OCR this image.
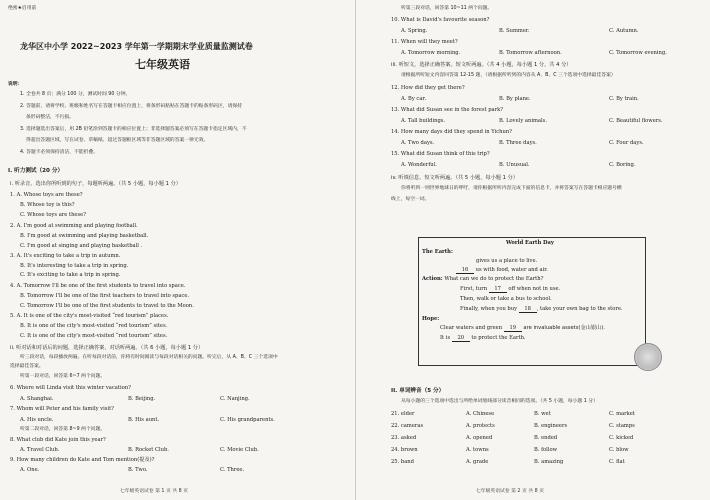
绝密★启用前
龙华区中小学 2022~2023 学年第一学期期末学业质量监测试卷
七年级英语
说明：
1. 全卷共 8 页；满分 100 分，测试时间 90 分钟。
2. 答题前，请将学校、班级和姓名写在答题卡相应位置上，将条形码粘贴在答题卡的贴条形码区，请保持
条形码整洁，不污损。
3. 选择题选出答案后，用 2B 铅笔涂到答题卡的相应位置上；非选择题答案必须写在答题卡指定区域内，不
得超出答题区域。写在试卷、草稿纸、超过答题框区域等非答题区域的答案一律无效。
4. 答题卡必须保持清洁，不能折叠。
I. 听力测试（20 分）
i. 听录音，选出你所听到的句子，每题听两遍。（共 5 小题，每小题 1 分）
1. A. Whose toys are these?
B. Whose toy is this?
C. Whose toys are these?
2. A. I'm good at swimming and playing football.
B. I'm good at swimming and playing basketball.
C. I'm good at singing and playing basketball .
3. A. It's exciting to take a trip in autumn.
B. It's interesting to take a trip in spring.
C. It's exciting to take a trip in spring.
4. A. Tomorrow I'll be one of the first students to travel into space.
B. Tomorrow I'll be one of the first teachers to travel into space.
C. Tomorrow I'll be one of the first students to travel to the Moon.
5. A. It is one of the city's most-visited “red tourism” places.
B. It is one of the city's most-visited “red tourism” sites.
C. It is one of the city's most-visited “red tourism” sites.
ii. 听对话和对话后的问题，选择正确答案，对话听两遍。（共 6 小题，每小题 1 分）
听三段对话，每段播放两遍。在听每段对话前，你将有时间阅读与每段对话相关的问题。听完后，从 A、B、C 三个选项中
选择最佳答案。
听第一段对话，回答第 6~7 两个问题。
6. Where will Linda visit this winter vacation?
A. Shanghai.	B. Beijing.	C. Nanjing.
7. Whom will Peter and his family visit?
A. His uncle.	B. His aunt.	C. His grandparents.
听第二段对话，回答第 8~9 两个问题。
8. What club did Kate join this year?
A. Travel Club.	B. Rocket Club.	C. Movie Club.
9. How many children do Kate and Tom mention(提及)?
A. One.	B. Two.	C. Three.
七年级英语试卷 第 1 页 共 8 页
听第三段对话，回答第 10~11 两个问题。
10. What is David's favourite season?
A. Spring.	B. Summer.	C. Autumn.
11. When will they meet?
A. Tomorrow morning.	B. Tomorrow afternoon.	C. Tomorrow evening.
iii. 听短文，选择正确答案。短文听两遍。（共 4 小题，每小题 1 分，共 4 分）
请根据所听短文内容回答第 12-15 题，（请根据所听到的内容从 A、B、C 三个选项中选择最佳答案）
12. How did they get there?
A. By car.	B. By plane.	C. By train.
13. What did Susan see in the forest park?
A. Tall buildings.	B. Lovely animals.	C. Beautiful flowers.
14. How many days did they spend in Yichun?
A. Two days.	B. Three days.	C. Four days.
15. What did Susan think of this trip?
A. Wonderful.	B. Unusual.	C. Boring.
iv. 听填信息，短文听两遍。（共 5 小题，每小题 1 分）
你将听到一则世界地球日的呼吁，请你根据所听内容完成下面的信息卡，并将答案写在答题卡相应题号横
线上，每空一词。
World Earth Day
The Earth:
gives us a place to live.
16 us with food, water and air.
Action: What can we do to protect the Earth?
First, turn 17 off when not in use.
Then, walk or take a bus to school.
Finally, when you buy 18 , take your own bag to the store.
Hope:
Clear waters and green 19 are invaluable assets(金山银山).
It is 20 to protect the Earth.
II. 单词辨音（5 分）
从每小题的三个选项中选出与所给单词划线部分读音相同的选项。（共 5 小题，每小题 1 分）
21. elder	A. Chinese	B. wet	C. market
22. cameras	A. protects	B. engineers	C. stamps
23. asked	A. opened	B. ended	C. kicked
24. brown	A. towns	B. follow	C. blow
25. band	A. grade	B. amazing	C. flat
七年级英语试卷 第 2 页 共 8 页
